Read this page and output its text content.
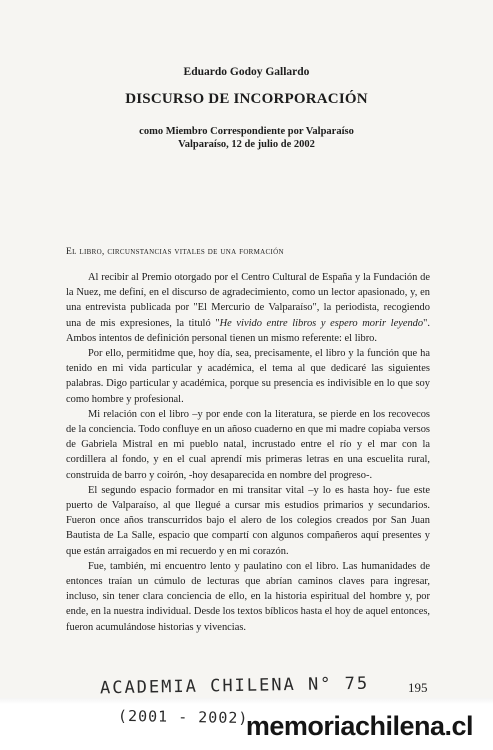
Eduardo Godoy Gallardo
DISCURSO DE INCORPORACIÓN
como Miembro Correspondiente por Valparaíso
Valparaíso, 12 de julio de 2002
El libro, circunstancias vitales de una formación

Al recibir al Premio otorgado por el Centro Cultural de España y la Fundación de la Nuez, me definí, en el discurso de agradecimiento, como un lector apasionado, y, en una entrevista publicada por "El Mercurio de Valparaíso", la periodista, recogiendo una de mis expresiones, la tituló "He vivido entre libros y espero morir leyendo". Ambos intentos de definición personal tienen un mismo referente: el libro.

Por ello, permitidme que, hoy día, sea, precisamente, el libro y la función que ha tenido en mi vida particular y académica, el tema al que dedicaré las siguientes palabras. Digo particular y académica, porque su presencia es indivisible en lo que soy como hombre y profesional.

Mi relación con el libro –y por ende con la literatura, se pierde en los recovecos de la conciencia. Todo confluye en un añoso cuaderno en que mi madre copiaba versos de Gabriela Mistral en mi pueblo natal, incrustado entre el río y el mar con la cordillera al fondo, y en el cual aprendí mis primeras letras en una escuelita rural, construida de barro y coirón, -hoy desaparecida en nombre del progreso-.

El segundo espacio formador en mi transitar vital –y lo es hasta hoy- fue este puerto de Valparaíso, al que llegué a cursar mis estudios primarios y secundarios. Fueron once años transcurridos bajo el alero de los colegios creados por San Juan Bautista de La Salle, espacio que compartí con algunos compañeros aquí presentes y que están arraigados en mi recuerdo y en mi corazón.

Fue, también, mi encuentro lento y paulatino con el libro. Las humanidades de entonces traían un cúmulo de lecturas que abrían caminos claves para ingresar, incluso, sin tener clara conciencia de ello, en la historia espiritual del hombre y, por ende, en la nuestra individual. Desde los textos bíblicos hasta el hoy de aquel entonces, fueron acumulándose historias y vivencias.

ACADEMIA CHILENA N° 75	195
memoriachilena.cl
(2001 - 2002)
